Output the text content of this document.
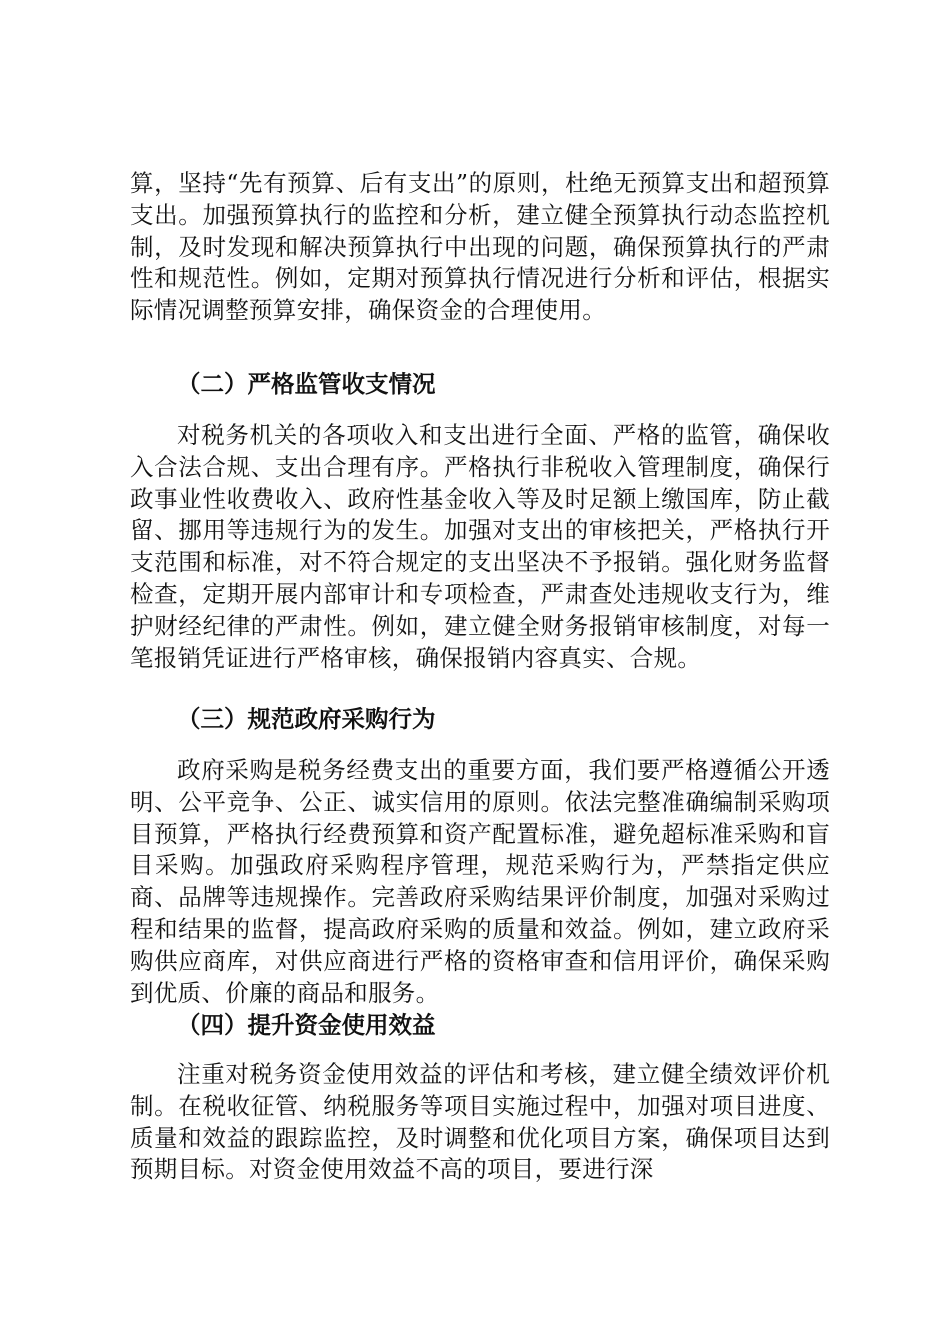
算，坚持“先有预算、后有支出”的原则，杜绝无预算支出和超预算支出。加强预算执行的监控和分析，建立健全预算执行动态监控机制，及时发现和解决预算执行中出现的问题，确保预算执行的严肃性和规范性。例如，定期对预算执行情况进行分析和评估，根据实际情况调整预算安排，确保资金的合理使用。

（二）严格监管收支情况

对税务机关的各项收入和支出进行全面、严格的监管，确保收入合法合规、支出合理有序。严格执行非税收入管理制度，确保行政事业性收费收入、政府性基金收入等及时足额上缴国库，防止截留、挪用等违规行为的发生。加强对支出的审核把关，严格执行开支范围和标准，对不符合规定的支出坚决不予报销。强化财务监督检查，定期开展内部审计和专项检查，严肃查处违规收支行为，维护财经纪律的严肃性。例如，建立健全财务报销审核制度，对每一笔报销凭证进行严格审核，确保报销内容真实、合规。

（三）规范政府采购行为

政府采购是税务经费支出的重要方面，我们要严格遵循公开透明、公平竞争、公正、诚实信用的原则。依法完整准确编制采购项目预算，严格执行经费预算和资产配置标准，避免超标准采购和盲目采购。加强政府采购程序管理，规范采购行为，严禁指定供应商、品牌等违规操作。完善政府采购结果评价制度，加强对采购过程和结果的监督，提高政府采购的质量和效益。例如，建立政府采购供应商库，对供应商进行严格的资格审查和信用评价，确保采购到优质、价廉的商品和服务。

（四）提升资金使用效益

注重对税务资金使用效益的评估和考核，建立健全绩效评价机制。在税收征管、纳税服务等项目实施过程中，加强对项目进度、质量和效益的跟踪监控，及时调整和优化项目方案，确保项目达到预期目标。对资金使用效益不高的项目，要进行深
